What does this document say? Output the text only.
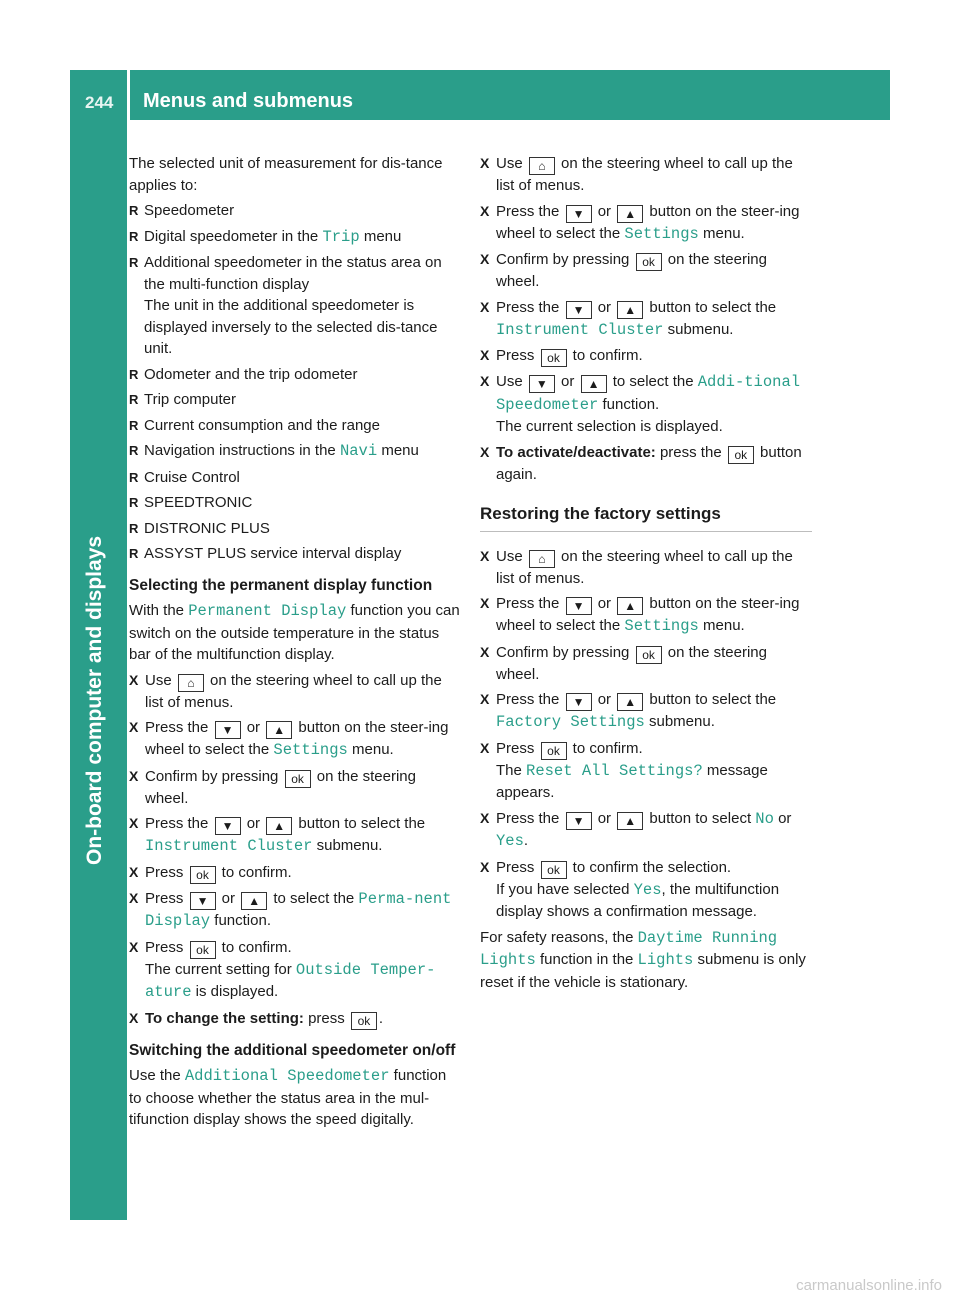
244 Menus and submenus
On-board computer and displays

The selected unit of measurement for dis-tance applies to:

R Speedometer
R Digital speedometer in the Trip menu
R Additional speedometer in the status area on the multi-function display
The unit in the additional speedometer is displayed inversely to the selected dis-tance unit.
R Odometer and the trip odometer
R Trip computer
R Current consumption and the range
R Navigation instructions in the Navi menu
R Cruise Control
R SPEEDTRONIC
R DISTRONIC PLUS
R ASSYST PLUS service interval display

Selecting the permanent display function

With the Permanent Display function you can switch on the outside temperature in the status bar of the multifunction display.

X Use ⌂ on the steering wheel to call up the list of menus.
X Press the ▼ or ▲ button on the steer-ing wheel to select the Settings menu.
X Confirm by pressing ok on the steering wheel.
X Press the ▼ or ▲ button to select the Instrument Cluster submenu.
X Press ok to confirm.
X Press ▼ or ▲ to select the Perma‐nent Display function.
X Press ok to confirm.
The current setting for Outside Temper‐ature is displayed.
X To change the setting: press ok .

Switching the additional speedometer on/off

Use the Additional Speedometer function to choose whether the status area in the mul-tifunction display shows the speed digitally.

X Use ⌂ on the steering wheel to call up the list of menus.
X Press the ▼ or ▲ button on the steer-ing wheel to select the Settings menu.
X Confirm by pressing ok on the steering wheel.
X Press the ▼ or ▲ button to select the Instrument Cluster submenu.
X Press ok to confirm.
X Use ▼ or ▲ to select the Addi‐tional Speedometer function.
The current selection is displayed.
X To activate/deactivate: press the ok button again.

Restoring the factory settings

X Use ⌂ on the steering wheel to call up the list of menus.
X Press the ▼ or ▲ button on the steer-ing wheel to select the Settings menu.
X Confirm by pressing ok on the steering wheel.
X Press the ▼ or ▲ button to select the Factory Settings submenu.
X Press ok to confirm.
The Reset All Settings? message appears.
X Press the ▼ or ▲ button to select No or Yes.
X Press ok to confirm the selection.
If you have selected Yes, the multifunction display shows a confirmation message.

For safety reasons, the Daytime Running Lights function in the Lights submenu is only reset if the vehicle is stationary.

carmanualsonline.info
